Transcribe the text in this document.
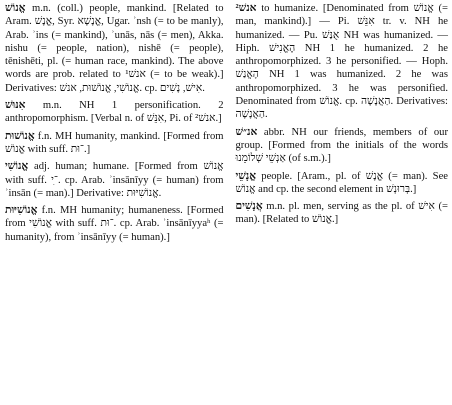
אֱנוֹשׁ m.n. (coll.) people, mankind. [Related to Aram. אֱנָשׁ, Syr. אֱנָשָׁא, Ugar. ʾnsh (= to be manly), Arab. ʾins (= mankind), ʾunās, nās (= men), Akka. nishu (= people, nation), nishē (= people), tēnishēti, pl. (= human race, mankind). The above words are prob. related to אנשׁ¹ (= to be weak).] Derivatives: אֱנוֹשִׁי, אֱנוֹשׁוּת, אנשׁ. cp. אִישׁ, נָשִׁים.

אִנּוּשׁ m.n. NH 1 personification. 2 anthropomorphism. [Verbal n. of אִנֵּשׁ, Pi. of אנשׁ².]

אֱנוֹשׁוּת f.n. MH humanity, mankind. [Formed from אֱנוֹשׁ with suff. ־וּת.]

אֱנוֹשִׁי adj. human; humane. [Formed from אֱנוֹשׁ with suff. ־ִי. cp. Arab. ʾinsānīyy (= human) from ʾinsān (= man).] Derivative: אֱנוֹשִׁיּוּת.

אֱנוֹשִׁיּוּת f.n. MH humanity; humaneness. [Formed from אֱנוֹשִׁי with suff. ־וּת. cp. Arab. ʾinsānīyyaʰ (= humanity), from ʾinsānīyy (= human).]

אנשׁ² to humanize. [Denominated from אֱנוֹשׁ (= man, mankind).] — Pi. אִנֵּשׁ tr. v. NH he humanized. — Pu. אֻנַּשׁ NH was humanized. — Hiph. הֶאֱנִישׁ NH 1 he humanized. 2 he anthropomorphized. 3 he personified. — Hoph. הָאֳנַשׁ NH 1 was humanized. 2 he was anthropomorphized. 3 he was personified. Denominated from אֱנוֹשׁ. cp. הַאֲנָשָׁה. Derivatives: הַאֲנָשָׁה.

אנ״שׁ abbr. NH our friends, members of our group. [Formed from the initials of the words אַנְשֵׁי שְׁלוֹמֵנוּ (of s.m.).]

אֱנָשֵׁי people. [Aram., pl. of אֱנָשׁ (= man). See אֱנוֹשׁ and cp. the second element in בְּרוּנְשׁ.]

אֲנָשִׁים m.n. pl. men, serving as the pl. of אִישׁ (= man). [Related to אֱנוֹשׁ.]
